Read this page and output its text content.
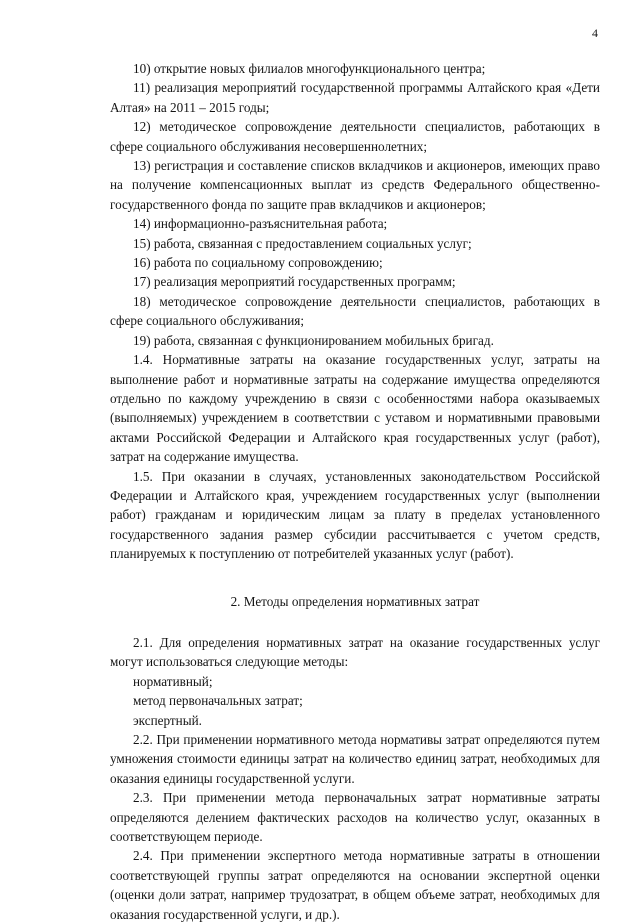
4

10) открытие новых филиалов многофункционального центра;

11) реализация мероприятий государственной программы Алтайского края «Дети Алтая» на 2011 – 2015 годы;

12) методическое сопровождение деятельности специалистов, работающих в сфере социального обслуживания несовершеннолетних;

13) регистрация и составление списков вкладчиков и акционеров, имеющих право на получение компенсационных выплат из средств Федерального общественно-государственного фонда по защите прав вкладчиков и акционеров;

14) информационно-разъяснительная работа;

15) работа, связанная с предоставлением социальных услуг;

16) работа по социальному сопровождению;

17) реализация мероприятий государственных программ;

18) методическое сопровождение деятельности специалистов, работающих в сфере социального обслуживания;

19) работа, связанная с функционированием мобильных бригад.

1.4. Нормативные затраты на оказание государственных услуг, затраты на выполнение работ и нормативные затраты на содержание имущества определяются отдельно по каждому учреждению в связи с особенностями набора оказываемых (выполняемых) учреждением в соответствии с уставом и нормативными правовыми актами Российской Федерации и Алтайского края государственных услуг (работ), затрат на содержание имущества.

1.5. При оказании в случаях, установленных законодательством Российской Федерации и Алтайского края, учреждением государственных услуг (выполнении работ) гражданам и юридическим лицам за плату в пределах установленного государственного задания размер субсидии рассчитывается с учетом средств, планируемых к поступлению от потребителей указанных услуг (работ).

2. Методы определения нормативных затрат

2.1. Для определения нормативных затрат на оказание государственных услуг могут использоваться следующие методы:

нормативный;

метод первоначальных затрат;

экспертный.

2.2. При применении нормативного метода нормативы затрат определяются путем умножения стоимости единицы затрат на количество единиц затрат, необходимых для оказания единицы государственной услуги.

2.3. При применении метода первоначальных затрат нормативные затраты определяются делением фактических расходов на количество услуг, оказанных в соответствующем периоде.

2.4. При применении экспертного метода нормативные затраты в отношении соответствующей группы затрат определяются на основании экспертной оценки (оценки доли затрат, например трудозатрат, в общем объеме затрат, необходимых для оказания государственной услуги, и др.).
